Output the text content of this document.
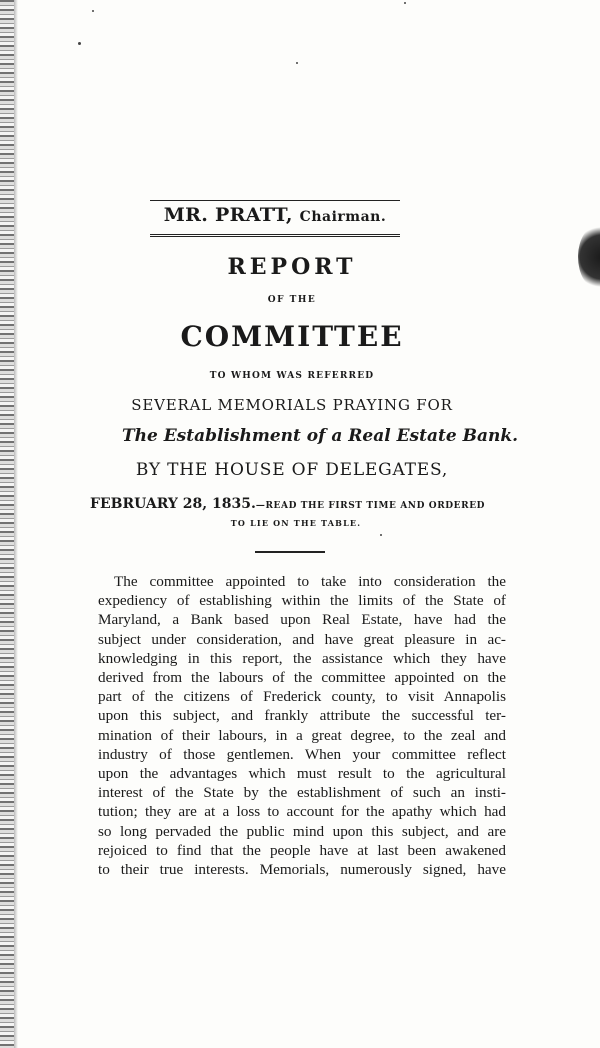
MR. PRATT, Chairman.
REPORT
OF THE
COMMITTEE
TO WHOM WAS REFERRED
SEVERAL MEMORIALS PRAYING FOR
The Establishment of a Real Estate Bank.
BY THE HOUSE OF DELEGATES,
FEBRUARY 28, 1835.—READ THE FIRST TIME AND ORDERED
TO LIE ON THE TABLE.
The committee appointed to take into consideration the
expediency of establishing within the limits of the State of
Maryland, a Bank based upon Real Estate, have had the
subject under consideration, and have great pleasure in ac-
knowledging in this report, the assistance which they have
derived from the labours of the committee appointed on the
part of the citizens of Frederick county, to visit Annapolis
upon this subject, and frankly attribute the successful ter-
mination of their labours, in a great degree, to the zeal and
industry of those gentlemen. When your committee reflect
upon the advantages which must result to the agricultural
interest of the State by the establishment of such an insti-
tution; they are at a loss to account for the apathy which had
so long pervaded the public mind upon this subject, and are
rejoiced to find that the people have at last been awakened
to their true interests. Memorials, numerously signed, have
